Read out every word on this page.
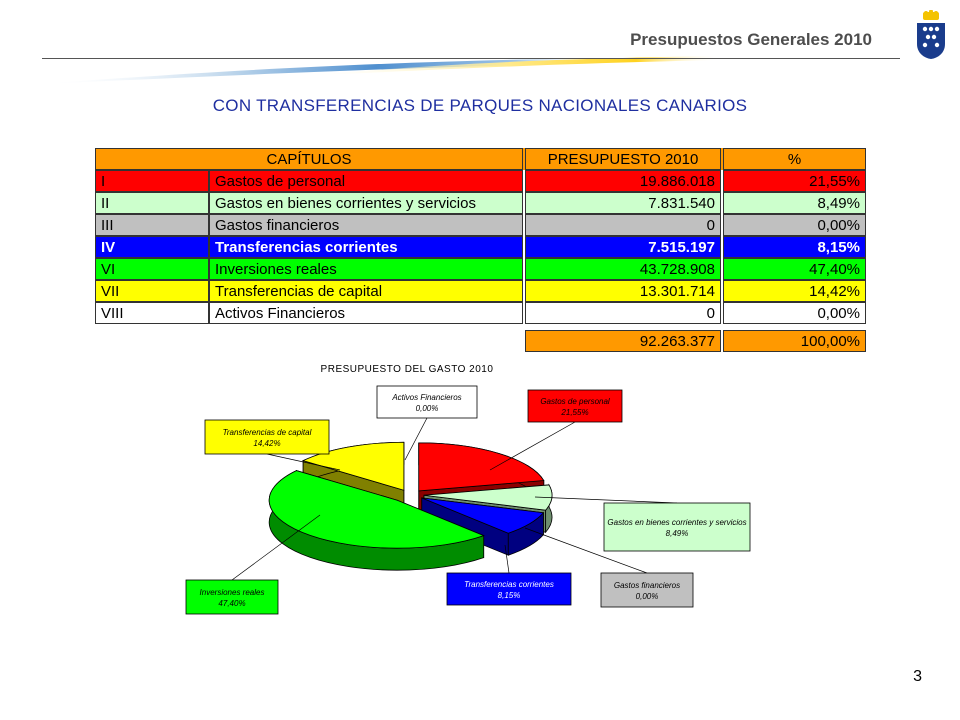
Presupuestos Generales 2010
CON TRANSFERENCIAS DE PARQUES NACIONALES CANARIOS
CAPÍTULOS			PRESUPUESTO 2010		%
I	Gastos de personal		19.886.018		21,55%
II	Gastos en bienes corrientes y servicios		7.831.540		8,49%
III	Gastos financieros		0		0,00%
IV	Transferencias corrientes		7.515.197		8,15%
VI	Inversiones reales		43.728.908		47,40%
VII	Transferencias de capital		13.301.714		14,42%
VIII	Activos Financieros		0		0,00%

			92.263.377		100,00%
PRESUPUESTO DEL GASTO 2010
Gastos de personal
21,55%
Gastos en bienes corrientes y servicios
8,49%
Gastos financieros
0,00%
Transferencias corrientes
8,15%
Inversiones reales
47,40%
Transferencias de capital
14,42%
Activos Financieros
0,00%
3
